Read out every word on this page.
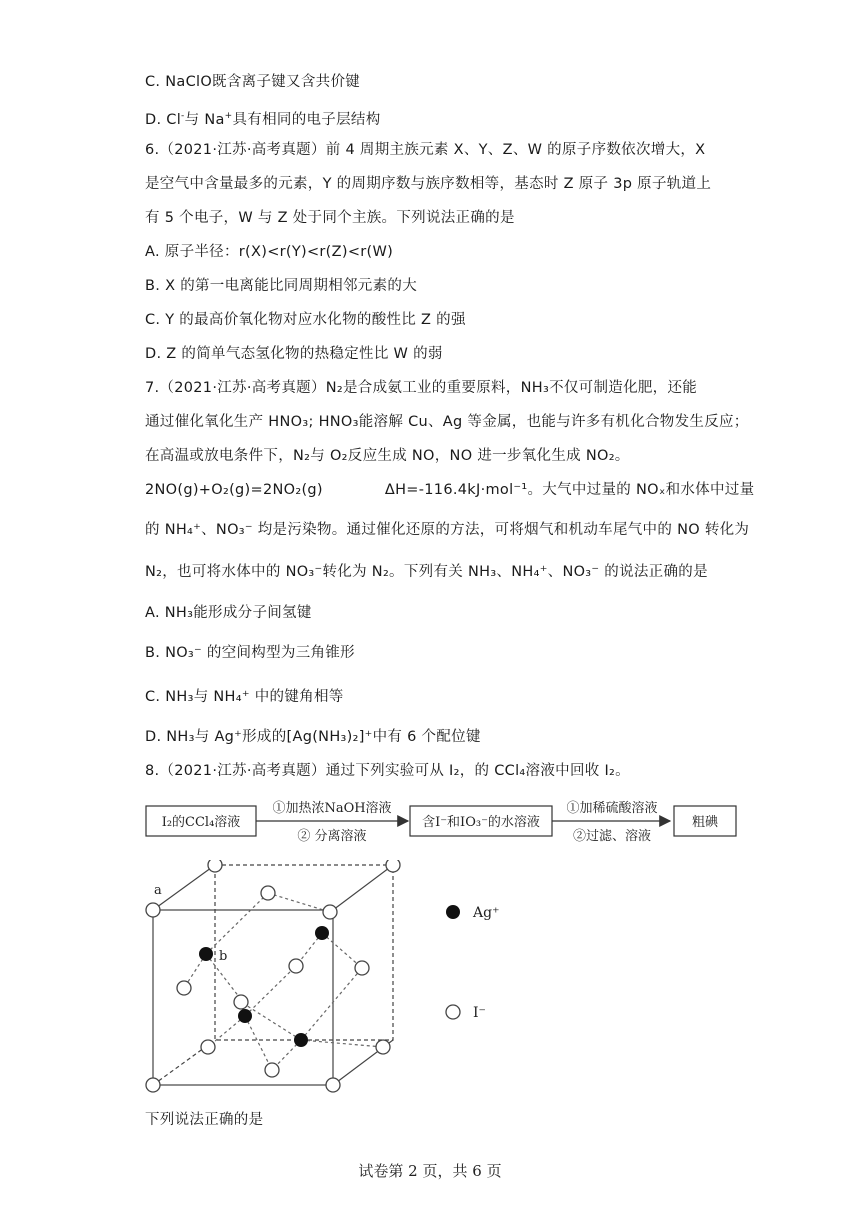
C. NaClO既含离子键又含共价键
D. Cl-与 Na+具有相同的电子层结构
6.（2021·江苏·高考真题）前 4 周期主族元素 X、Y、Z、W 的原子序数依次增大，X
是空气中含量最多的元素，Y 的周期序数与族序数相等，基态时 Z 原子 3p 原子轨道上
有 5 个电子，W 与 Z 处于同个主族。下列说法正确的是
A. 原子半径：r(X)<r(Y)<r(Z)<r(W)
B. X 的第一电离能比同周期相邻元素的大
C. Y 的最高价氧化物对应水化物的酸性比 Z 的强
D. Z 的简单气态氢化物的热稳定性比 W 的弱
7.（2021·江苏·高考真题）N₂是合成氨工业的重要原料，NH₃不仅可制造化肥，还能
通过催化氧化生产 HNO₃; HNO₃能溶解 Cu、Ag 等金属，也能与许多有机化合物发生反应；
在高温或放电条件下，N₂与 O₂反应生成 NO，NO 进一步氧化生成 NO₂。
2NO(g)+O₂(g)=2NO₂(g)	ΔH=-116.4kJ·mol⁻¹。大气中过量的 NOₓ和水体中过量
的 NH₄⁺、NO₃⁻ 均是污染物。通过催化还原的方法，可将烟气和机动车尾气中的 NO 转化为
N₂，也可将水体中的 NO₃⁻转化为 N₂。下列有关 NH₃、NH₄⁺、NO₃⁻ 的说法正确的是
A. NH₃能形成分子间氢键
B. NO₃⁻ 的空间构型为三角锥形
C. NH₃与 NH₄⁺ 中的键角相等
D. NH₃与 Ag⁺形成的[Ag(NH₃)₂]⁺中有 6 个配位键
8.（2021·江苏·高考真题）通过下列实验可从 I₂，的 CCl₄溶液中回收 I₂。
I₂的CCl₄溶液
①加热浓NaOH溶液
② 分离溶液
含I⁻和IO₃⁻的水溶液
①加稀硫酸溶液
②过滤、溶液
粗碘
a
b
Ag⁺
I⁻
下列说法正确的是
试卷第 2 页，共 6 页
